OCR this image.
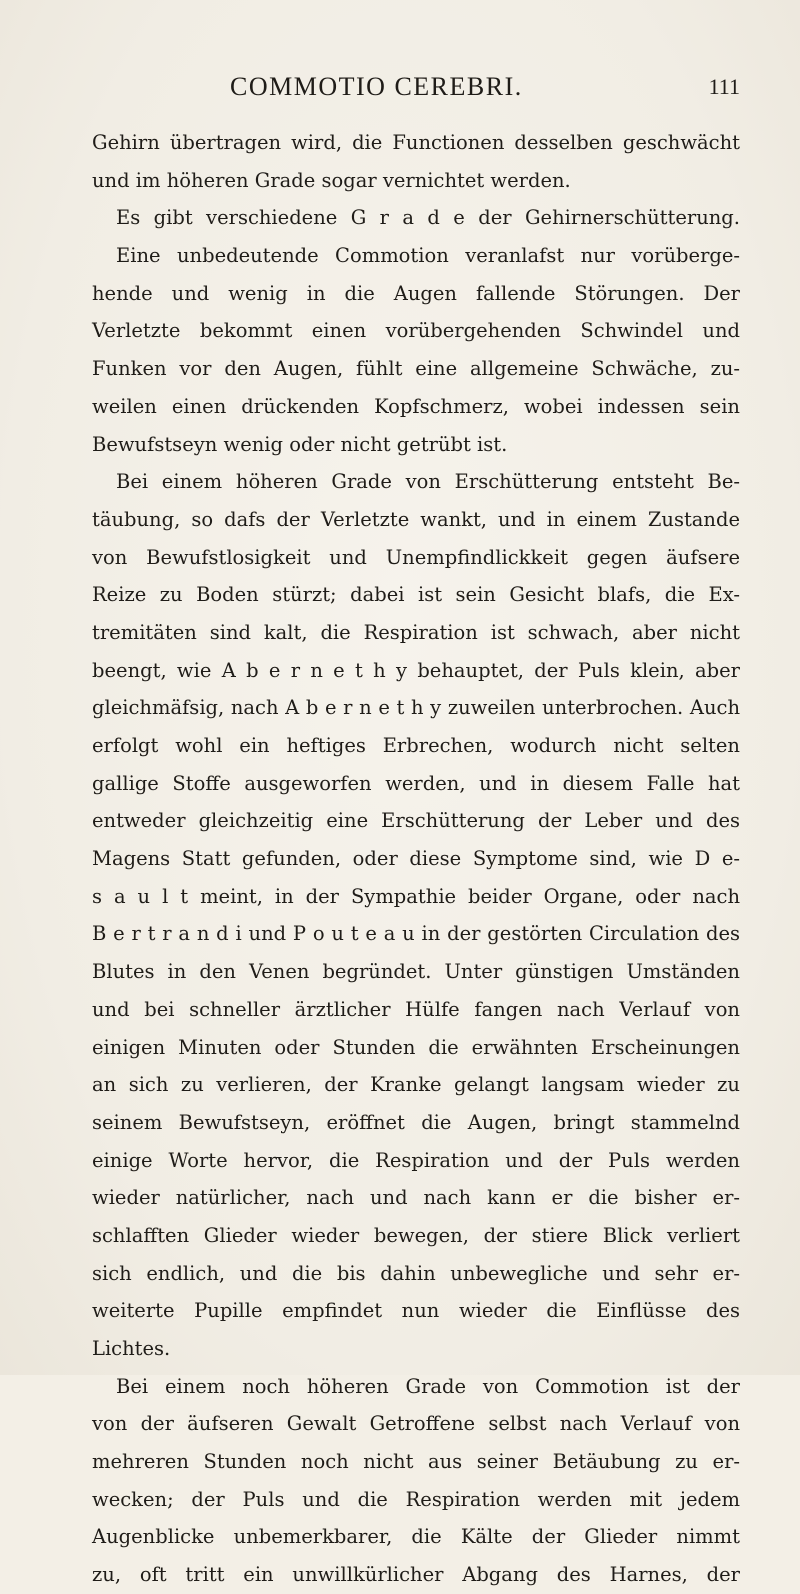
COMMOTIO CEREBRI.	111
Gehirn übertragen wird, die Functionen desselben geschwächt
und im höheren Grade sogar vernichtet werden.
Es gibt verschiedene G r a d e der Gehirnerschütterung.
Eine unbedeutende Commotion veranlafst nur vorüberge-
hende und wenig in die Augen fallende Störungen. Der
Verletzte bekommt einen vorübergehenden Schwindel und
Funken vor den Augen, fühlt eine allgemeine Schwäche, zu-
weilen einen drückenden Kopfschmerz, wobei indessen sein
Bewufstseyn wenig oder nicht getrübt ist.
Bei einem höheren Grade von Erschütterung entsteht Be-
täubung, so dafs der Verletzte wankt, und in einem Zustande
von Bewufstlosigkeit und Unempfindlickkeit gegen äufsere
Reize zu Boden stürzt; dabei ist sein Gesicht blafs, die Ex-
tremitäten sind kalt, die Respiration ist schwach, aber nicht
beengt, wie A b e r n e t h y behauptet, der Puls klein, aber
gleichmäfsig, nach A b e r n e t h y zuweilen unterbrochen. Auch
erfolgt wohl ein heftiges Erbrechen, wodurch nicht selten
gallige Stoffe ausgeworfen werden, und in diesem Falle hat
entweder gleichzeitig eine Erschütterung der Leber und des
Magens Statt gefunden, oder diese Symptome sind, wie D e-
s a u l t meint, in der Sympathie beider Organe, oder nach
B e r t r a n d i und P o u t e a u in der gestörten Circulation des
Blutes in den Venen begründet. Unter günstigen Umständen
und bei schneller ärztlicher Hülfe fangen nach Verlauf von
einigen Minuten oder Stunden die erwähnten Erscheinungen
an sich zu verlieren, der Kranke gelangt langsam wieder zu
seinem Bewufstseyn, eröffnet die Augen, bringt stammelnd
einige Worte hervor, die Respiration und der Puls werden
wieder natürlicher, nach und nach kann er die bisher er-
schlafften Glieder wieder bewegen, der stiere Blick verliert
sich endlich, und die bis dahin unbewegliche und sehr er-
weiterte Pupille empfindet nun wieder die Einflüsse des
Lichtes.
Bei einem noch höheren Grade von Commotion ist der
von der äufseren Gewalt Getroffene selbst nach Verlauf von
mehreren Stunden noch nicht aus seiner Betäubung zu er-
wecken; der Puls und die Respiration werden mit jedem
Augenblicke unbemerkbarer, die Kälte der Glieder nimmt
zu, oft tritt ein unwillkürlicher Abgang des Harnes, der
